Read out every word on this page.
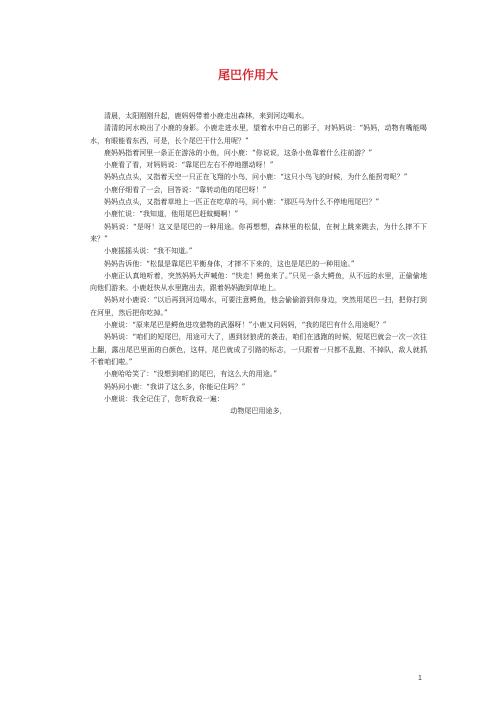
尾巴作用大

清晨，太阳刚刚升起，鹿妈妈带着小鹿走出森林，来到河边喝水。

清清的河水映出了小鹿的身影。小鹿走进水里，望着水中自己的影子，对妈妈说：“妈妈，动物有嘴能喝水，有眼能看东西，可是，长个尾巴干什么用呢？”

鹿妈妈指着河里一条正在游泳的小鱼，问小鹿：“你说说，这条小鱼靠着什么往前游？”

小鹿看了看，对妈妈说：“靠尾巴左右不停地摆动呀！”

妈妈点点头，又指着天空一只正在飞翔的小鸟，问小鹿：“这只小鸟飞的时候，为什么能拐弯呢？”

小鹿仔细看了一会，回答说：“靠转动他的尾巴呀！”

妈妈点点头，又指着草地上一匹正在吃草的马，问小鹿：“那匹马为什么不停地甩尾巴？”

小鹿忙说：“我知道，他用尾巴赶蚊蝇啊！”

妈妈说：“是呀！这又是尾巴的一种用途。你再想想，森林里的松鼠，在树上跳来跳去，为什么摔不下来？”

小鹿摇摇头说：“我不知道。”

妈妈告诉他：“松鼠是靠尾巴平衡身体，才摔不下来的，这也是尾巴的一种用途。”

小鹿正认真地听着，突然妈妈大声喊他：“快走！鳄鱼来了。”只见一条大鳄鱼，从不远的水里，正偷偷地向他们游来。小鹿赶快从水里跑出去，跟着妈妈跑到草地上。

妈妈对小鹿说：“以后再到河边喝水，可要注意鳄鱼，他会偷偷游到你身边，突然用尾巴一扫，把你打到在河里，然后把你吃掉。”

小鹿说：“原来尾巴是鳄鱼进攻猎物的武器呀！”小鹿又问妈妈，“我的尾巴有什么用途呢？”

妈妈说：“咱们的短尾巴，用途可大了，遇到豺狼虎的袭击，咱们在逃跑的时候，短尾巴就会一次一次往上翻，露出尾巴里面的白颜色，这样，尾巴就成了引路的标志，一只跟着一只都不乱跑、不掉队，敌人就抓不着咱们啦。”

小鹿哈哈笑了：“没想到咱们的尾巴，有这么大的用途。”

妈妈问小鹿：“我讲了这么多，你能记住吗？”

小鹿说：我全记住了，您听我说一遍：

动物尾巴用途多，

1
